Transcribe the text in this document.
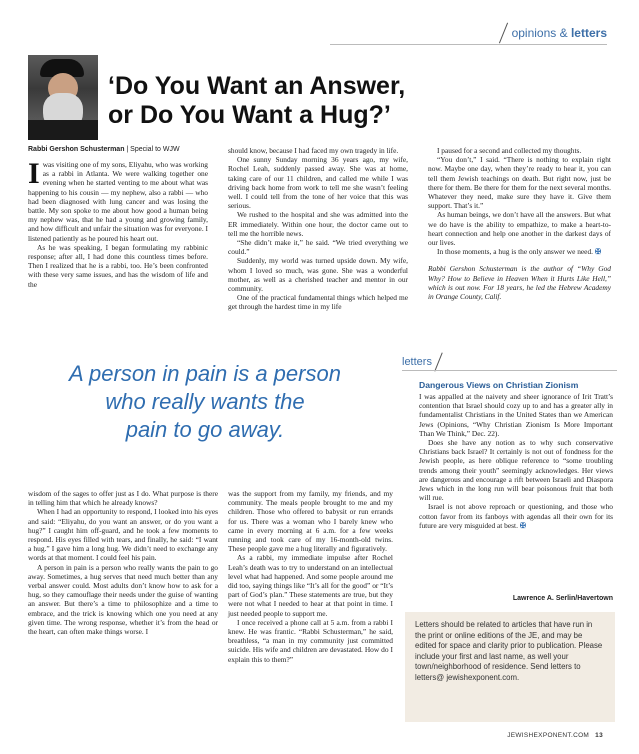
opinions
&
letters
‘Do You Want an Answer,
or Do You Want a Hug?’
Rabbi Gershon Schusterman | Special to WJW
I was visiting one of my sons, Eliyahu, who was working as a rabbi in Atlanta. We were walking together one evening when he started venting to me about what was happening to his cousin — my nephew, also a rabbi — who had been diagnosed with lung cancer and was losing the battle. My son spoke to me about how good a human being my nephew was, that he had a young and growing family, and how difficult and unfair the situation was for everyone. I listened patiently as he poured his heart out.

As he was speaking, I began formulating my rabbinic response; after all, I had done this countless times before. Then I realized that he is a rabbi, too. He’s been confronted with these very same issues, and has the wisdom of life and the

should know, because I had faced my own tragedy in life.

One sunny Sunday morning 36 years ago, my wife, Rochel Leah, suddenly passed away. She was at home, taking care of our 11 children, and called me while I was driving back home from work to tell me she wasn’t feeling well. I could tell from the tone of her voice that this was serious.

We rushed to the hospital and she was admitted into the ER immediately. Within one hour, the doctor came out to tell me the horrible news.

“She didn’t make it,” he said. “We tried everything we could.”

Suddenly, my world was turned upside down. My wife, whom I loved so much, was gone. She was a wonderful mother, as well as a cherished teacher and mentor in our community.

One of the practical fundamental things which helped me get through the hardest time in my life

I paused for a second and collected my thoughts.

“You don’t,” I said. “There is nothing to explain right now. Maybe one day, when they’re ready to hear it, you can tell them Jewish teachings on death. But right now, just be there for them. Be there for them for the next several months. Whatever they need, make sure they have it. Give them support. That’s it.”

As human beings, we don’t have all the answers. But what we do have is the ability to empathize, to make a heart-to-heart connection and help one another in the darkest days of our lives.

In those moments, a hug is the only answer we need. ✠

Rabbi Gershon Schusterman is the author of “Why God Why? How to Believe in Heaven When it Hurts Like Hell,” which is out now. For 18 years, he led the Hebrew Academy in Orange County, Calif.

A person in pain is a person
who really wants the
pain to go away.

wisdom of the sages to offer just as I do. What purpose is there in telling him that which he already knows?

When I had an opportunity to respond, I looked into his eyes and said: “Eliyahu, do you want an answer, or do you want a hug?” I caught him off-guard, and he took a few moments to respond. His eyes filled with tears, and finally, he said: “I want a hug.” I gave him a long hug. We didn’t need to exchange any words at that moment. I could feel his pain.

A person in pain is a person who really wants the pain to go away. Sometimes, a hug serves that need much better than any verbal answer could. Most adults don’t know how to ask for a hug, so they camouflage their needs under the guise of wanting an answer. But there’s a time to philosophize and a time to embrace, and the trick is knowing which one you need at any given time. The wrong response, whether it’s from the head or the heart, can often make things worse. I

was the support from my family, my friends, and my community. The meals people brought to me and my children. Those who offered to babysit or run errands for us. There was a woman who I barely knew who came in every morning at 6 a.m. for a few weeks running and took care of my 16-month-old twins. These people gave me a hug literally and figuratively.

As a rabbi, my immediate impulse after Rochel Leah’s death was to try to understand on an intellectual level what had happened. And some people around me did too, saying things like “It’s all for the good” or “It’s part of God’s plan.” These statements are true, but they were not what I needed to hear at that point in time. I just needed people to support me.

I once received a phone call at 5 a.m. from a rabbi I knew. He was frantic. “Rabbi Schusterman,” he said, breathless, “a man in my community just committed suicide. His wife and children are devastated. How do I explain this to them?”

letters
Dangerous Views on Christian Zionism

I was appalled at the naivety and sheer ignorance of Irit Tratt’s contention that Israel should cozy up to and has a greater ally in fundamentalist Christians in the United States than we American Jews (Opinions, “Why Christian Zionism Is More Important Than We Think,” Dec. 22).

Does she have any notion as to why such conservative Christians back Israel? It certainly is not out of fondness for the Jewish people, as here oblique reference to “some troubling trends among their youth” seemingly acknowledges. Her views are dangerous and encourage a rift between Israeli and Diaspora Jews which in the long run will bear poisonous fruit that both will rue.

Israel is not above reproach or questioning, and those who cotton favor from its fanboys with agendas all their own for its future are very misguided at best. ✠

Lawrence A. Serlin/Havertown
Letters should be related to articles that have run in the print or online editions of the JE, and may be edited for space and clarity prior to publication. Please include your first and last name, as well your town/neighborhood of residence. Send letters to letters@ jewishexponent.com.
JEWISHEXPONENT.COM 13
